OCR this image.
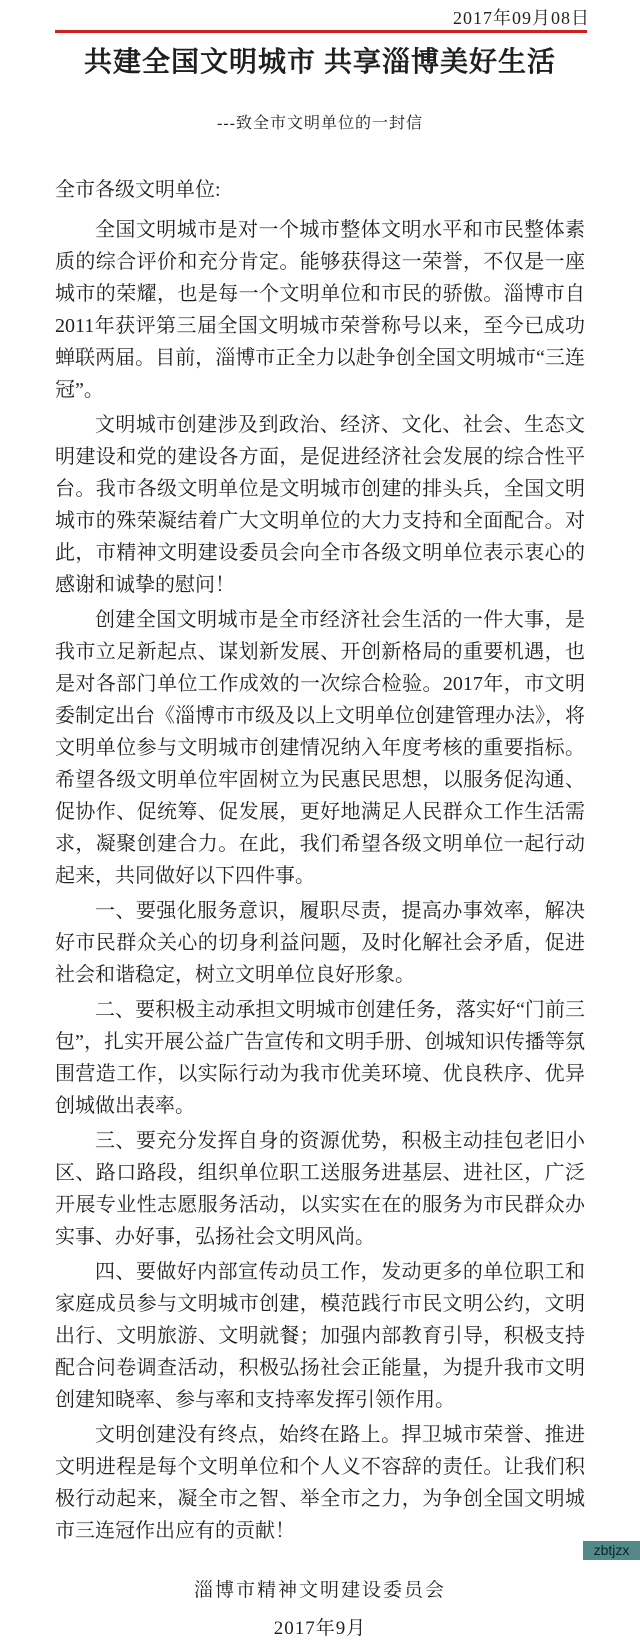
2017年09月08日
共建全国文明城市 共享淄博美好生活
---致全市文明单位的一封信
全市各级文明单位:

全国文明城市是对一个城市整体文明水平和市民整体素质的综合评价和充分肯定。能够获得这一荣誉，不仅是一座城市的荣耀，也是每一个文明单位和市民的骄傲。淄博市自2011年获评第三届全国文明城市荣誉称号以来，至今已成功蝉联两届。目前，淄博市正全力以赴争创全国文明城市“三连冠”。

文明城市创建涉及到政治、经济、文化、社会、生态文明建设和党的建设各方面，是促进经济社会发展的综合性平台。我市各级文明单位是文明城市创建的排头兵，全国文明城市的殊荣凝结着广大文明单位的大力支持和全面配合。对此，市精神文明建设委员会向全市各级文明单位表示衷心的感谢和诚挚的慰问！

创建全国文明城市是全市经济社会生活的一件大事，是我市立足新起点、谋划新发展、开创新格局的重要机遇，也是对各部门单位工作成效的一次综合检验。2017年，市文明委制定出台《淄博市市级及以上文明单位创建管理办法》，将文明单位参与文明城市创建情况纳入年度考核的重要指标。希望各级文明单位牢固树立为民惠民思想，以服务促沟通、促协作、促统筹、促发展，更好地满足人民群众工作生活需求，凝聚创建合力。在此，我们希望各级文明单位一起行动起来，共同做好以下四件事。

一、要强化服务意识，履职尽责，提高办事效率，解决好市民群众关心的切身利益问题，及时化解社会矛盾，促进社会和谐稳定，树立文明单位良好形象。

二、要积极主动承担文明城市创建任务，落实好“门前三包”，扎实开展公益广告宣传和文明手册、创城知识传播等氛围营造工作，以实际行动为我市优美环境、优良秩序、优异创城做出表率。

三、要充分发挥自身的资源优势，积极主动挂包老旧小区、路口路段，组织单位职工送服务进基层、进社区，广泛开展专业性志愿服务活动，以实实在在的服务为市民群众办实事、办好事，弘扬社会文明风尚。

四、要做好内部宣传动员工作，发动更多的单位职工和家庭成员参与文明城市创建，模范践行市民文明公约，文明出行、文明旅游、文明就餐；加强内部教育引导，积极支持配合问卷调查活动，积极弘扬社会正能量，为提升我市文明创建知晓率、参与率和支持率发挥引领作用。

文明创建没有终点，始终在路上。捍卫城市荣誉、推进文明进程是每个文明单位和个人义不容辞的责任。让我们积极行动起来，凝全市之智、举全市之力，为争创全国文明城市三连冠作出应有的贡献！

淄博市精神文明建设委员会
2017年9月
zbtjzx
